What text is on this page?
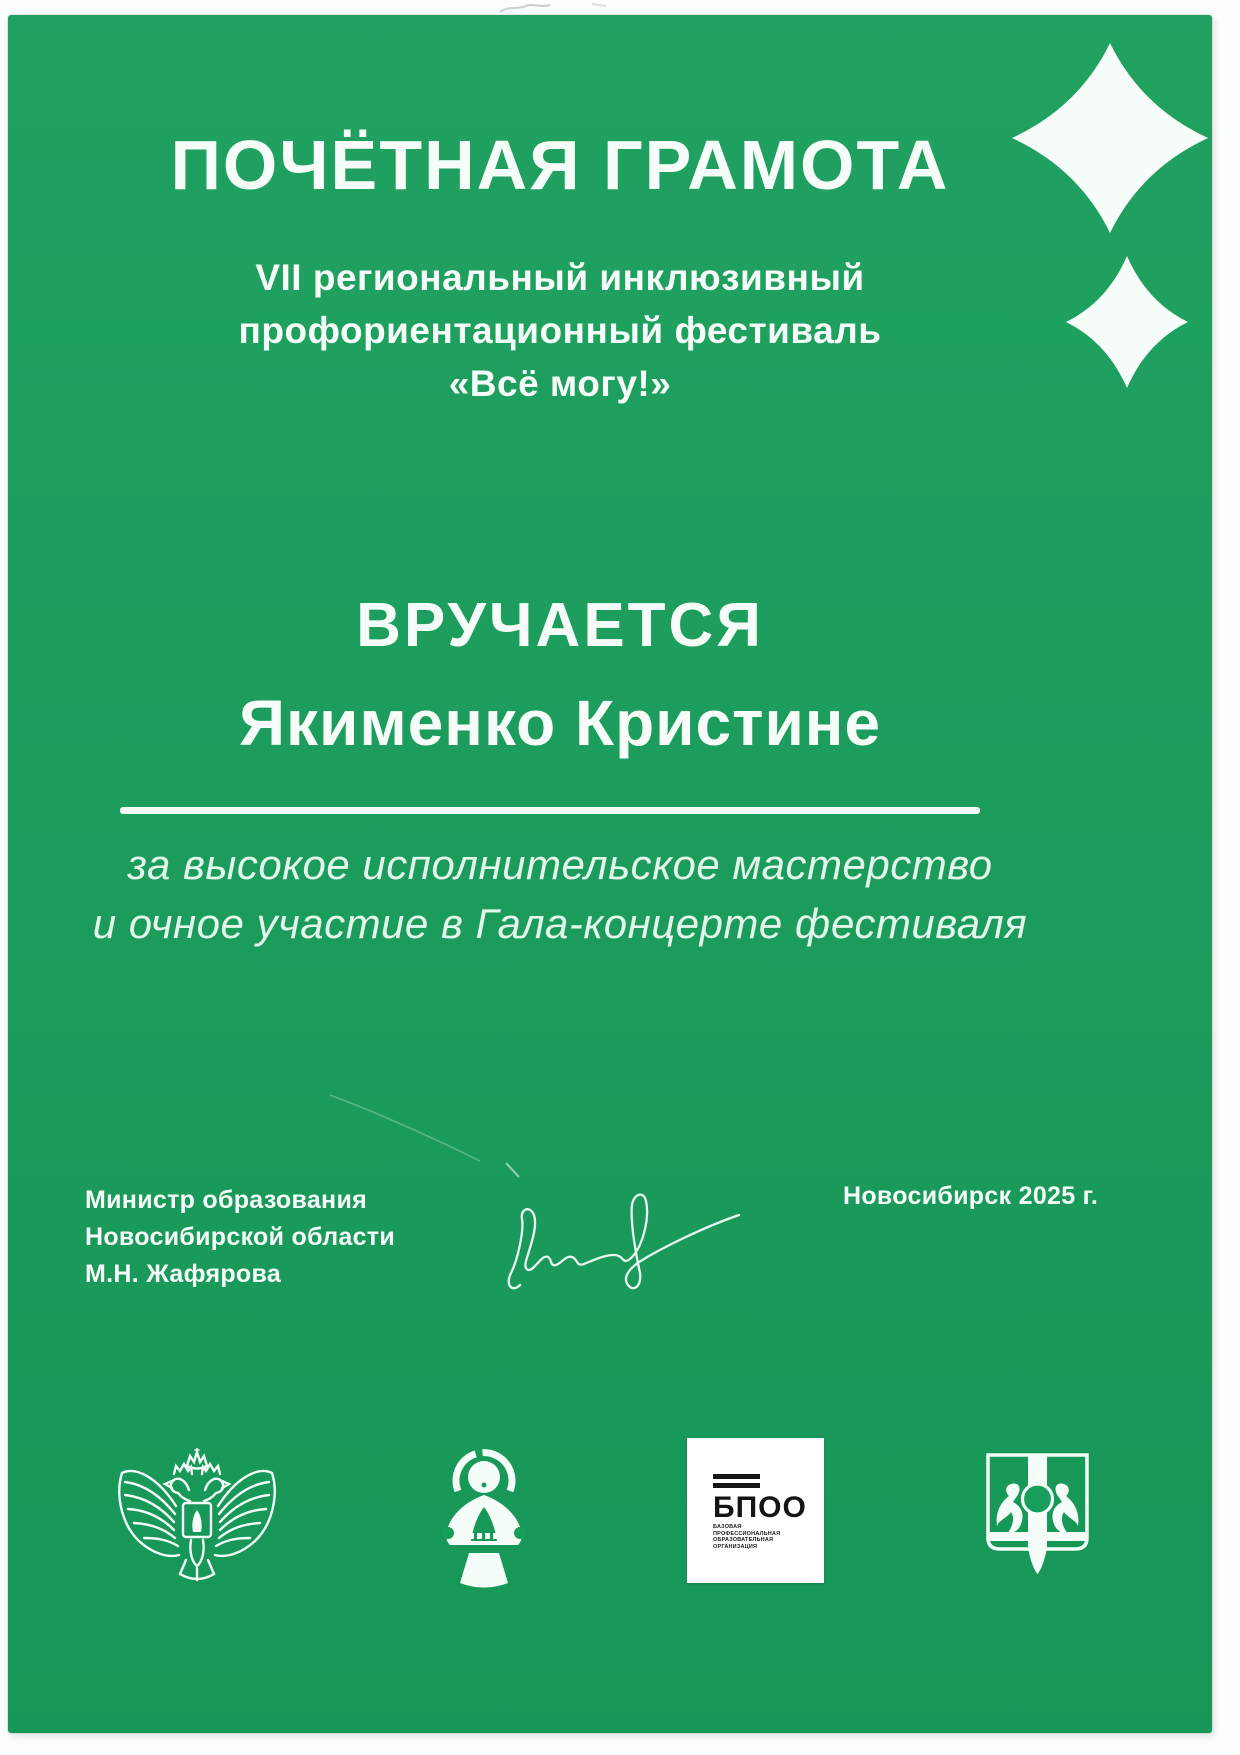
ПОЧЁТНАЯ ГРАМОТА
VII региональный инклюзивный
профориентационный фестиваль
«Всё могу!»
ВРУЧАЕТСЯ
Якименко Кристине
за высокое исполнительское мастерство
и очное участие в Гала-концерте фестиваля
Министр образования
Новосибирской области
М.Н. Жафярова
Новосибирск 2025 г.
БПОО
БАЗОВАЯ
ПРОФЕССИОНАЛЬНАЯ
ОБРАЗОВАТЕЛЬНАЯ ОРГАНИЗАЦИЯ
